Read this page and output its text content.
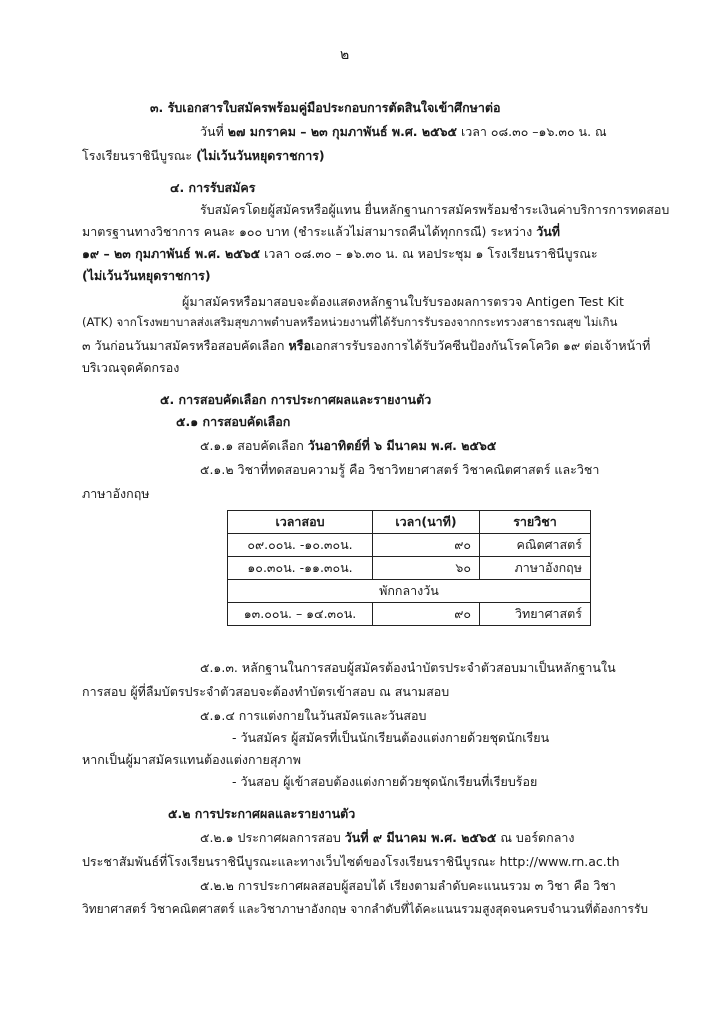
๒
๓. รับเอกสารใบสมัครพร้อมคู่มือประกอบการตัดสินใจเข้าศึกษาต่อ
วันที่ ๒๗ มกราคม – ๒๓ กุมภาพันธ์ พ.ศ. ๒๕๖๕ เวลา ๐๘.๓๐ –๑๖.๓๐ น. ณ
โรงเรียนราชินีบูรณะ (ไม่เว้นวันหยุดราชการ)
๔. การรับสมัคร
รับสมัครโดยผู้สมัครหรือผู้แทน ยื่นหลักฐานการสมัครพร้อมชำระเงินค่าบริการการทดสอบ
มาตรฐานทางวิชาการ คนละ ๑๐๐ บาท (ชำระแล้วไม่สามารถคืนได้ทุกกรณี) ระหว่าง วันที่
๑๙ – ๒๓ กุมภาพันธ์ พ.ศ. ๒๕๖๕ เวลา ๐๘.๓๐ – ๑๖.๓๐ น. ณ หอประชุม ๑ โรงเรียนราชินีบูรณะ
(ไม่เว้นวันหยุดราชการ)
ผู้มาสมัครหรือมาสอบจะต้องแสดงหลักฐานใบรับรองผลการตรวจ Antigen Test Kit
(ATK) จากโรงพยาบาลส่งเสริมสุขภาพตำบลหรือหน่วยงานที่ได้รับการรับรองจากกระทรวงสาธารณสุข ไม่เกิน
๓ วันก่อนวันมาสมัครหรือสอบคัดเลือก หรือเอกสารรับรองการได้รับวัคซีนป้องกันโรคโควิด ๑๙ ต่อเจ้าหน้าที่
บริเวณจุดคัดกรอง
๕. การสอบคัดเลือก การประกาศผลและรายงานตัว
๕.๑ การสอบคัดเลือก
๕.๑.๑ สอบคัดเลือก วันอาทิตย์ที่ ๖ มีนาคม พ.ศ. ๒๕๖๕
๕.๑.๒ วิชาที่ทดสอบความรู้ คือ วิชาวิทยาศาสตร์ วิชาคณิตศาสตร์ และวิชา
ภาษาอังกฤษ
เวลาสอบ	เวลา(นาที)	รายวิชา
๐๙.๐๐น. -๑๐.๓๐น.	๙๐	คณิตศาสตร์
๑๐.๓๐น. -๑๑.๓๐น.	๖๐	ภาษาอังกฤษ
พักกลางวัน		
๑๓.๐๐น. – ๑๔.๓๐น.	๙๐	วิทยาศาสตร์
๕.๑.๓. หลักฐานในการสอบผู้สมัครต้องนำบัตรประจำตัวสอบมาเป็นหลักฐานใน
การสอบ ผู้ที่ลืมบัตรประจำตัวสอบจะต้องทำบัตรเข้าสอบ ณ สนามสอบ
๕.๑.๔ การแต่งกายในวันสมัครและวันสอบ
- วันสมัคร ผู้สมัครที่เป็นนักเรียนต้องแต่งกายด้วยชุดนักเรียน
หากเป็นผู้มาสมัครแทนต้องแต่งกายสุภาพ
- วันสอบ ผู้เข้าสอบต้องแต่งกายด้วยชุดนักเรียนที่เรียบร้อย
๕.๒ การประกาศผลและรายงานตัว
๕.๒.๑ ประกาศผลการสอบ วันที่ ๙ มีนาคม พ.ศ. ๒๕๖๕ ณ บอร์ดกลาง
ประชาสัมพันธ์ที่โรงเรียนราชินีบูรณะและทางเว็บไซต์ของโรงเรียนราชินีบูรณะ http://www.rn.ac.th
๕.๒.๒ การประกาศผลสอบผู้สอบได้ เรียงตามลำดับคะแนนรวม ๓ วิชา คือ วิชา
วิทยาศาสตร์ วิชาคณิตศาสตร์ และวิชาภาษาอังกฤษ จากลำดับที่ได้คะแนนรวมสูงสุดจนครบจำนวนที่ต้องการรับ
